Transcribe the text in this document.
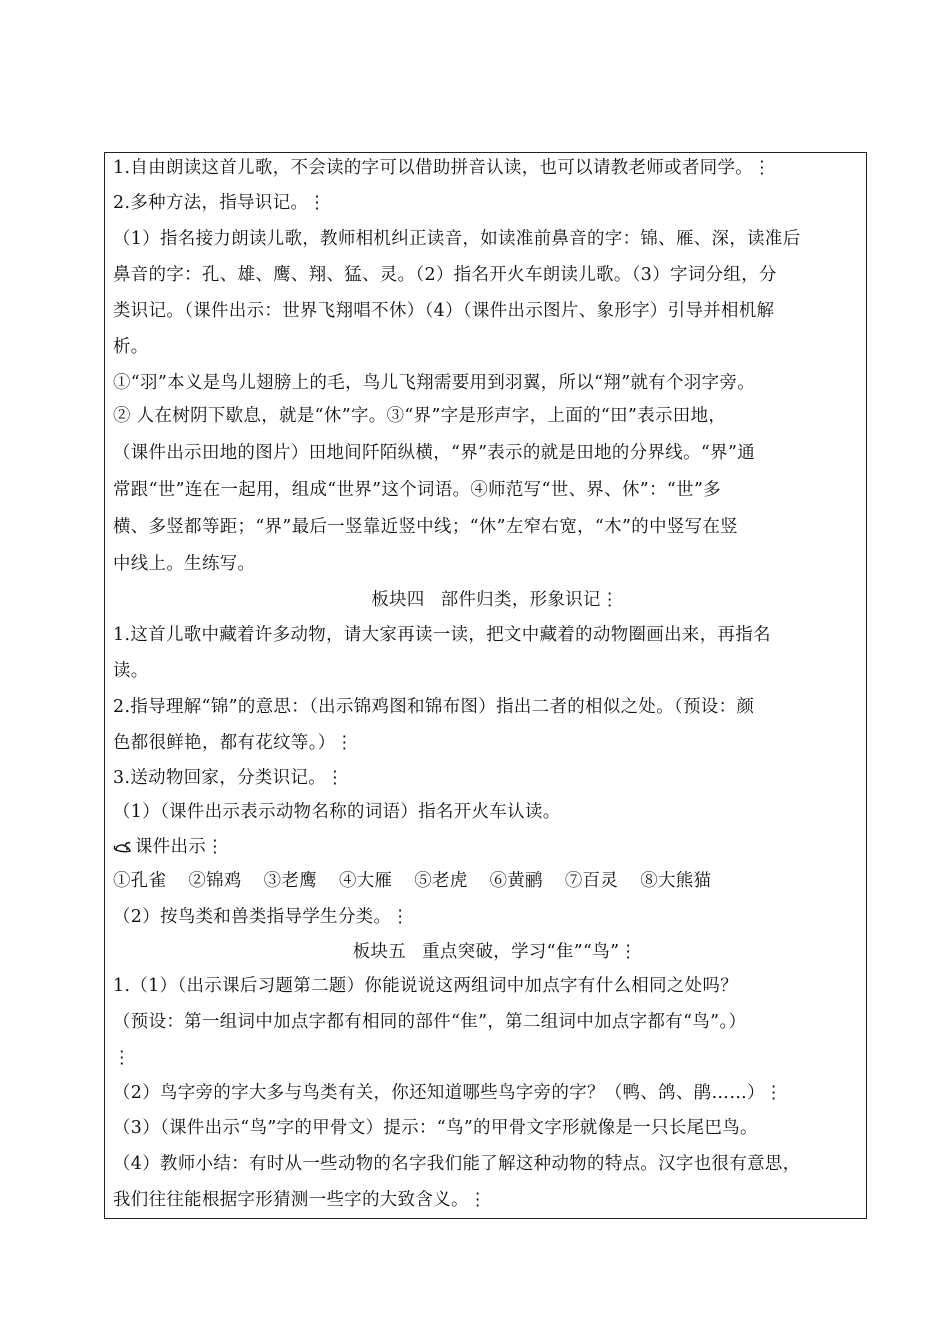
1.自由朗读这首儿歌，不会读的字可以借助拼音认读，也可以请教老师或者同学。⋮
2.多种方法，指导识记。⋮
（1）指名接力朗读儿歌，教师相机纠正读音，如读准前鼻音的字：锦、雁、深，读准后
鼻音的字：孔、雄、鹰、翔、猛、灵。（2）指名开火车朗读儿歌。（3）字词分组，分
类识记。（课件出示：世界飞翔唱不休）（4）（课件出示图片、象形字）引导并相机解
析。
①“羽”本义是鸟儿翅膀上的毛，鸟儿飞翔需要用到羽翼，所以“翔”就有个羽字旁。
② 人在树阴下歇息，就是“休”字。③“界”字是形声字，上面的“田”表示田地，
（课件出示田地的图片）田地间阡陌纵横，“界”表示的就是田地的分界线。“界”通
常跟“世”连在一起用，组成“世界”这个词语。④师范写“世、界、休”：“世”多
横、多竖都等距；“界”最后一竖靠近竖中线；“休”左窄右宽，“木”的中竖写在竖
中线上。生练写。
板块四 部件归类，形象识记⋮
1.这首儿歌中藏着许多动物，请大家再读一读，把文中藏着的动物圈画出来，再指名
读。
2.指导理解“锦”的意思：（出示锦鸡图和锦布图）指出二者的相似之处。（预设：颜
色都很鲜艳，都有花纹等。）⋮
3.送动物回家，分类识记。⋮
（1）（课件出示表示动物名称的词语）指名开火车认读。
课件出示⋮
①孔雀 ②锦鸡 ③老鹰 ④大雁 ⑤老虎 ⑥黄鹂 ⑦百灵 ⑧大熊猫
（2）按鸟类和兽类指导学生分类。⋮
板块五 重点突破，学习“隹”“鸟”⋮
1.（1）（出示课后习题第二题）你能说说这两组词中加点字有什么相同之处吗？
（预设：第一组词中加点字都有相同的部件“隹”，第二组词中加点字都有“鸟”。）
⋮
（2）鸟字旁的字大多与鸟类有关，你还知道哪些鸟字旁的字？（鸭、鸽、鹃……）⋮
（3）（课件出示“鸟”字的甲骨文）提示：“鸟”的甲骨文字形就像是一只长尾巴鸟。
（4）教师小结：有时从一些动物的名字我们能了解这种动物的特点。汉字也很有意思，
我们往往能根据字形猜测一些字的大致含义。⋮
